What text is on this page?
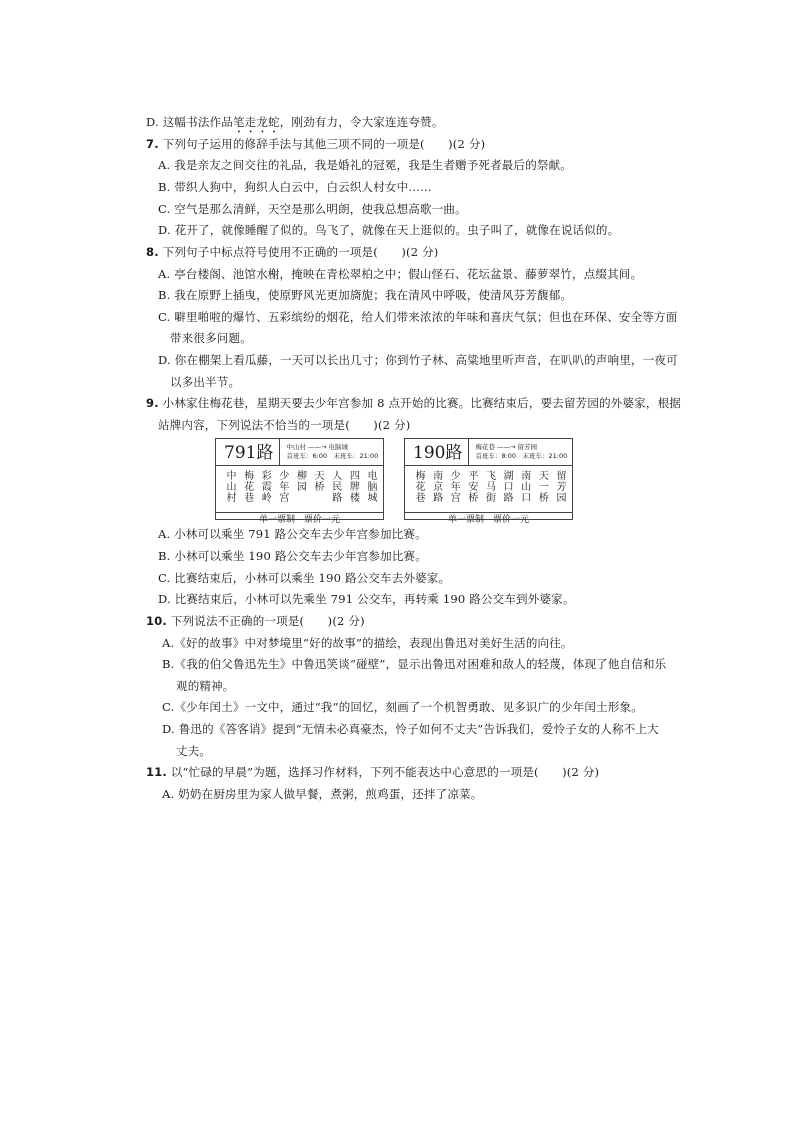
D. 这幅书法作品笔走龙蛇，刚劲有力，令大家连连夸赞。
7. 下列句子运用的修辞手法与其他三项不同的一项是(　　)(2 分)
A. 我是亲友之间交往的礼品，我是婚礼的冠冕，我是生者赠予死者最后的祭献。
B. 带织人狗中，狗织人白云中，白云织人村女中……
C. 空气是那么清鲜，天空是那么明朗，使我总想高歌一曲。
D. 花开了，就像睡醒了似的。鸟飞了，就像在天上逛似的。虫子叫了，就像在说话似的。
8. 下列句子中标点符号使用不正确的一项是(　　)(2 分)
A. 亭台楼阁、池馆水榭，掩映在青松翠柏之中；假山怪石、花坛盆景、藤萝翠竹，点缀其间。
B. 我在原野上插曳，使原野风光更加旖旎；我在清风中呼吸，使清风芬芳馥郁。
C. 噼里啪啦的爆竹、五彩缤纷的烟花，给人们带来浓浓的年味和喜庆气氛；但也在环保、安全等方面
带来很多问题。
D. 你在棚架上看瓜藤，一天可以长出几寸；你到竹子林、高粱地里听声音，在叭叭的声响里，一夜可
以多出半节。
9. 小林家住梅花巷，星期天要去少年宫参加 8 点开始的比赛。比赛结束后，要去留芳园的外婆家，根据
站牌内容，下列说法不恰当的一项是(　　)(2 分)
791路	中山村 ——→ 电脑城
首班车：6:00　末班车：21:00
中山村 梅花巷 彩霞岭 少年宫 柳园 天桥 人民路 四牌楼 电脑城
单一票制　票价一元
190路	梅花巷 ——→ 留芳园
首班车：8:00　末班车：21:00
梅花巷 南京路 少年宫 平安桥 飞马街 湖口路 南山口 天一桥 留芳园
单一票制　票价一元
A. 小林可以乘坐 791 路公交车去少年宫参加比赛。
B. 小林可以乘坐 190 路公交车去少年宫参加比赛。
C. 比赛结束后，小林可以乘坐 190 路公交车去外婆家。
D. 比赛结束后，小林可以先乘坐 791 公交车，再转乘 190 路公交车到外婆家。
10. 下列说法不正确的一项是(　　)(2 分)
A.《好的故事》中对梦境里“好的故事”的描绘，表现出鲁迅对美好生活的向往。
B.《我的伯父鲁迅先生》中鲁迅笑谈“碰壁”，显示出鲁迅对困难和敌人的轻蔑，体现了他自信和乐
观的精神。
C.《少年闰土》一文中，通过“我”的回忆，刻画了一个机智勇敢、见多识广的少年闰土形象。
D. 鲁迅的《答客诮》提到“无情未必真豪杰，怜子如何不丈夫”告诉我们，爱怜子女的人称不上大
丈夫。
11. 以“忙碌的早晨”为题，选择习作材料，下列不能表达中心意思的一项是(　　)(2 分)
A. 奶奶在厨房里为家人做早餐，煮粥，煎鸡蛋，还拌了凉菜。
